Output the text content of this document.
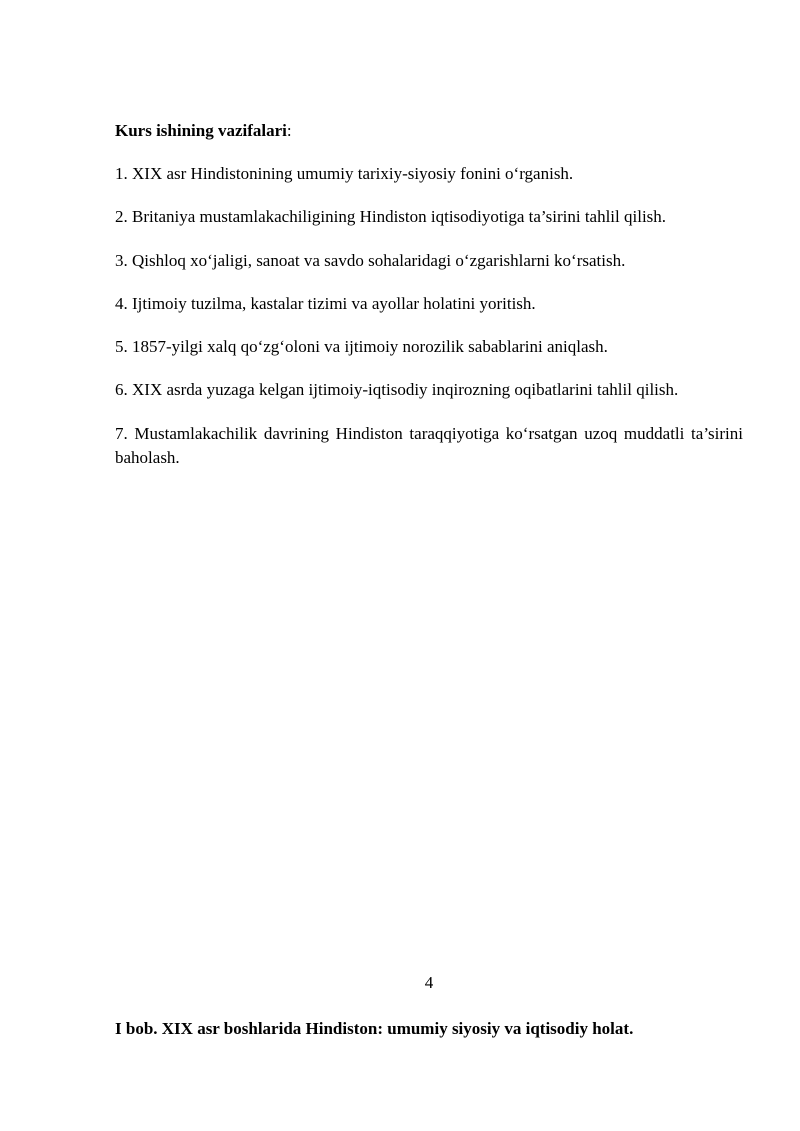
Kurs ishining vazifalari:
1. XIX asr Hindistonining umumiy tarixiy-siyosiy fonini o‘rganish.
2. Britaniya mustamlakachiligining Hindiston iqtisodiyotiga ta’sirini tahlil qilish.
3. Qishloq xo‘jaligi, sanoat va savdo sohalaridagi o‘zgarishlarni ko‘rsatish.
4. Ijtimoiy tuzilma, kastalar tizimi va ayollar holatini yoritish.
5. 1857-yilgi xalq qo‘zg‘oloni va ijtimoiy norozilik sabablarini aniqlash.
6. XIX asrda yuzaga kelgan ijtimoiy-iqtisodiy inqirozning oqibatlarini tahlil qilish.
7. Mustamlakachilik davrining Hindiston taraqqiyotiga ko‘rsatgan uzoq muddatli ta’sirini baholash.
4
I bob. XIX asr boshlarida Hindiston: umumiy siyosiy va iqtisodiy holat.
